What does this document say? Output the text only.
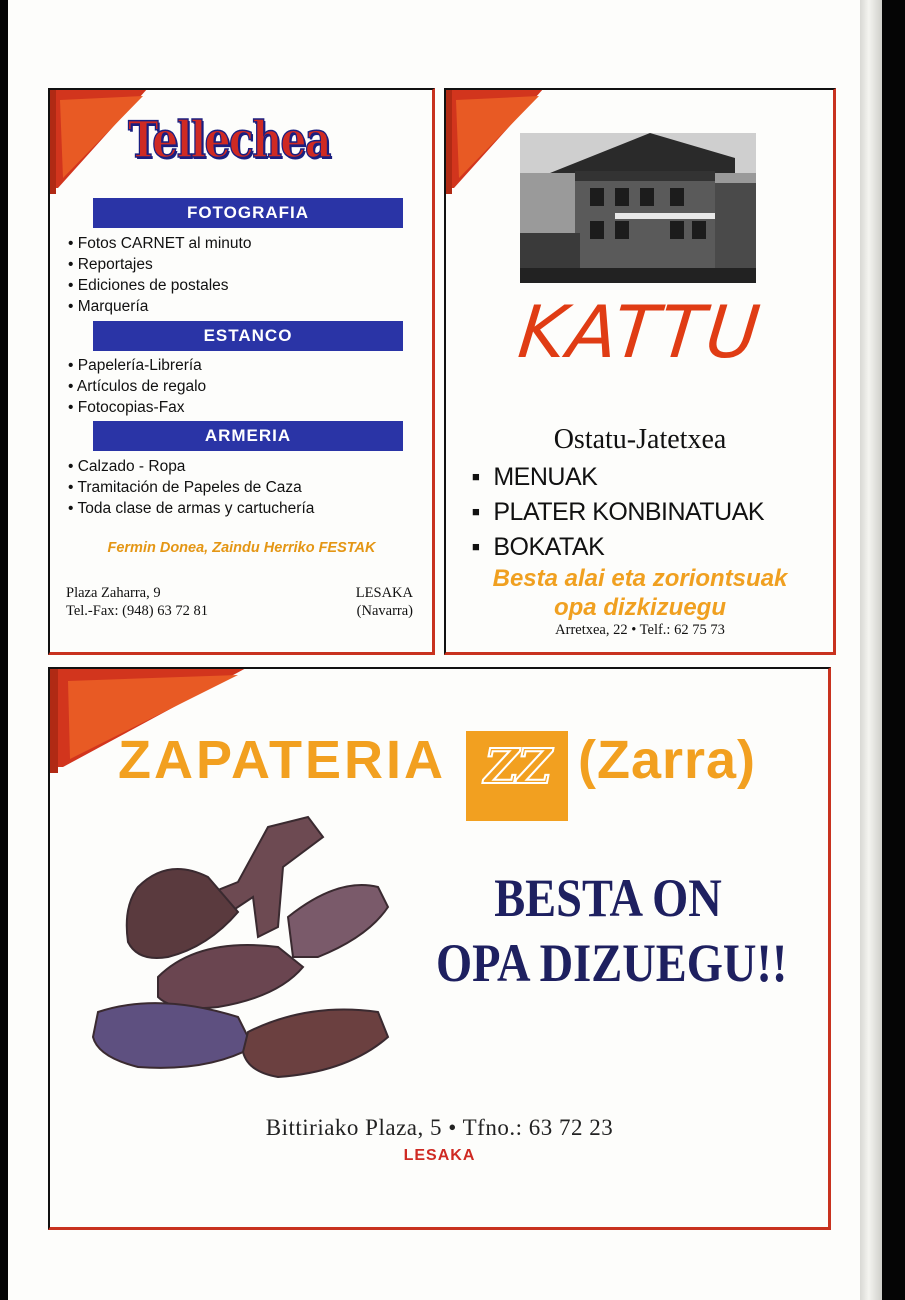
Tellechea
FOTOGRAFIA
• Fotos CARNET al minuto
• Reportajes
• Ediciones de postales
• Marquería
ESTANCO
• Papelería-Librería
• Artículos de regalo
• Fotocopias-Fax
ARMERIA
• Calzado - Ropa
• Tramitación de Papeles de Caza
• Toda clase de armas y cartuchería
Fermin Donea, Zaindu Herriko FESTAK
Plaza Zaharra, 9
Tel.-Fax: (948) 63 72 81
LESAKA
(Navarra)
KATTU
Ostatu-Jatetxea
■ MENUAK
■ PLATER KONBINATUAK
■ BOKATAK
Besta alai eta zoriontsuak
opa dizkizuegu
Arretxea, 22 • Telf.: 62 75 73
ZAPATERIA ZZ (Zarra)
BESTA ON
OPA DIZUEGU!!
Bittiriako Plaza, 5 • Tfno.: 63 72 23
LESAKA
